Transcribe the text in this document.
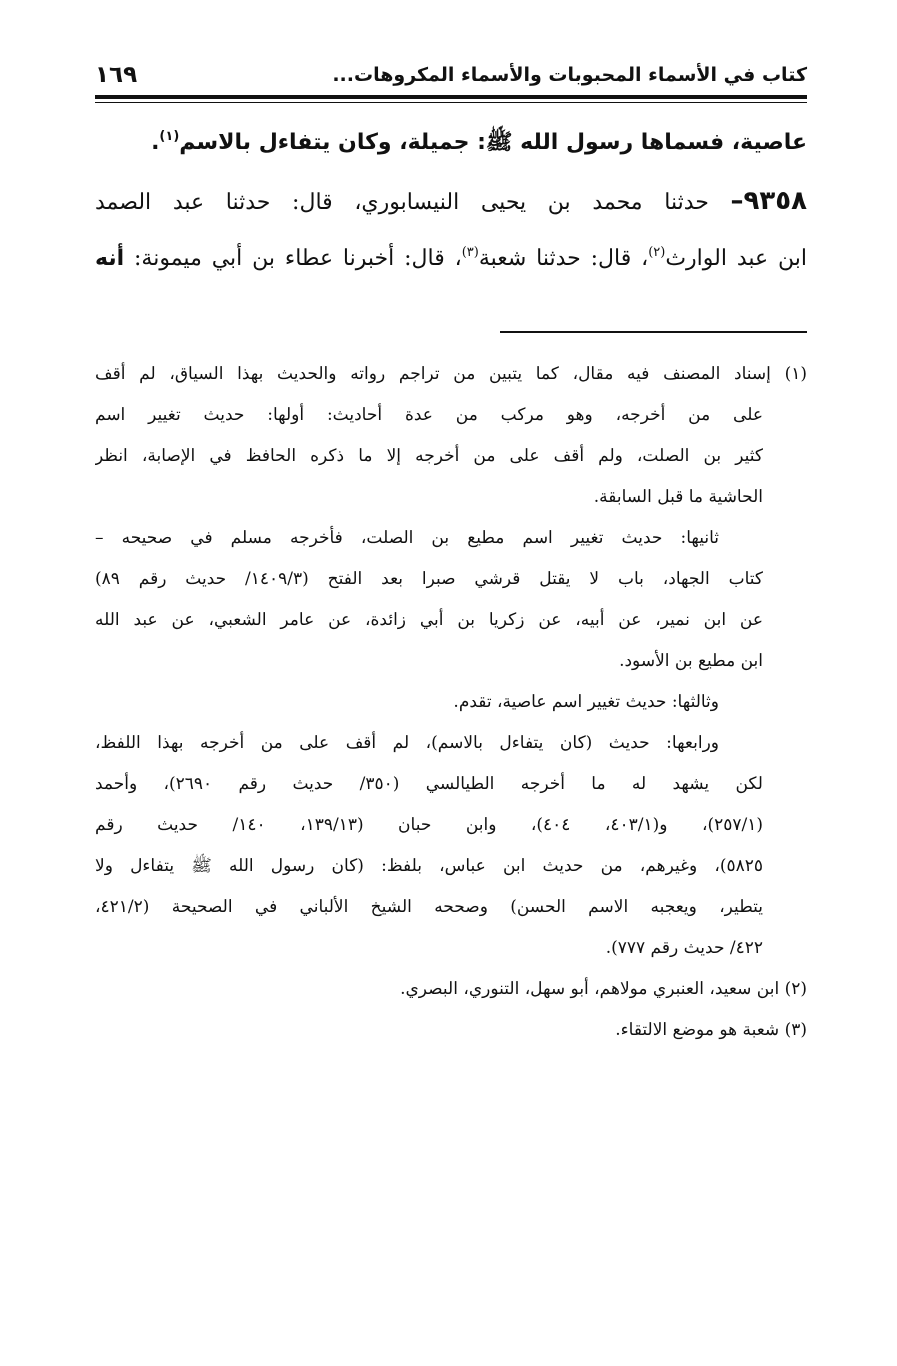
كتاب في الأسماء المحبوبات والأسماء المكروهات...
١٦٩
عاصية، فسماها رسول الله ﷺ: جميلة، وكان يتفاءل بالاسم$^{(١)}$.
٩٣٥٨– حدثنا محمد بن يحيى النيسابوري، قال: حدثنا عبد الصمد
ابن عبد الوارث$^{(٢)}$، قال: حدثنا شعبة$^{(٣)}$، قال: أخبرنا عطاء بن أبي ميمونة: أنه
(١) إسناد المصنف فيه مقال، كما يتبين من تراجم رواته والحديث بهذا السياق، لم أقف
على من أخرجه، وهو مركب من عدة أحاديث: أولها: حديث تغيير اسم
كثير بن الصلت، ولم أقف على من أخرجه إلا ما ذكره الحافظ في الإصابة، انظر
الحاشية ما قبل السابقة.
ثانيها: حديث تغيير اسم مطيع بن الصلت، فأخرجه مسلم في صحيحه –
كتاب الجهاد، باب لا يقتل قرشي صبرا بعد الفتح (١٤٠٩/٣/ حديث رقم ٨٩)
عن ابن نمير، عن أبيه، عن زكريا بن أبي زائدة، عن عامر الشعبي، عن عبد الله
ابن مطيع بن الأسود.
وثالثها: حديث تغيير اسم عاصية، تقدم.
ورابعها: حديث (كان يتفاءل بالاسم)، لم أقف على من أخرجه بهذا اللفظ،
لكن يشهد له ما أخرجه الطيالسي (٣٥٠/ حديث رقم ٢٦٩٠)، وأحمد
(٢٥٧/١)، و(٤٠٣/١، ٤٠٤)، وابن حبان (١٣٩/١٣، ١٤٠/ حديث رقم
٥٨٢٥)، وغيرهم، من حديث ابن عباس، بلفظ: (كان رسول الله ﷺ يتفاءل ولا
يتطير، ويعجبه الاسم الحسن) وصححه الشيخ الألباني في الصحيحة (٤٢١/٢،
٤٢٢/ حديث رقم ٧٧٧).
(٢) ابن سعيد، العنبري مولاهم، أبو سهل، التنوري، البصري.
(٣) شعبة هو موضع الالتقاء.
